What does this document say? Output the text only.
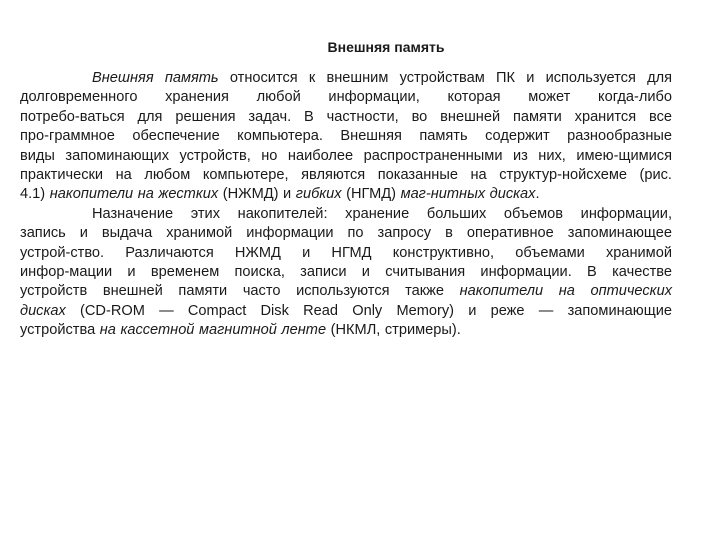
Внешняя память

Внешняя память относится к внешним устройствам ПК и используется для
долговременного хранения любой информации, которая может когда-либо
потребо-ваться для решения задач. В частности, во внешней памяти хранится все
про-граммное обеспечение компьютера. Внешняя память содержит разнообразные
виды запоминающих устройств, но наиболее распространенными из них, имею-щимися
практически на любом компьютере, являются показанные на структур-нойсхеме (рис.
4.1) накопители на жестких (НЖМД) и гибких (НГМД) маг-нитных дисках.

Назначение этих накопителей: хранение больших объемов информации,
запись и выдача хранимой информации по запросу в оперативное запоминающее
устрой-ство. Различаются НЖМД и НГМД конструктивно, объемами хранимой
инфор-мации и временем поиска, записи и считывания информации. В качестве
устройств внешней памяти часто используются также накопители на оптических
дисках (CD-ROM — Compact Disk Read Only Memory) и реже — запоминающие
устройства на кассетной магнитной ленте (НКМЛ, стримеры).
